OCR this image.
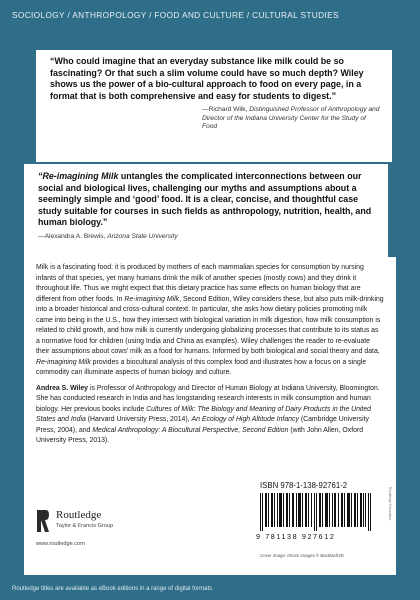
SOCIOLOGY / ANTHROPOLOGY / FOOD AND CULTURE / CULTURAL STUDIES

“Who could imagine that an everyday substance like milk could be so fascinating? Or that such a slim volume could have so much depth? Wiley shows us the power of a bio-cultural approach to food on every page, in a format that is both comprehensive and easy for students to digest.”

—Richard Wilk, Distinguished Professor of Anthropology and Director of the Indiana University Center for the Study of Food

“Re-imagining Milk untangles the complicated interconnections between our social and biological lives, challenging our myths and assumptions about a seemingly simple and ‘good’ food. It is a clear, concise, and thoughtful case study suitable for courses in such fields as anthropology, nutrition, health, and human biology.”

—Alexandra A. Brewis, Arizona State University

Milk is a fascinating food: it is produced by mothers of each mammalian species for consumption by nursing infants of that species, yet many humans drink the milk of another species (mostly cows) and they drink it throughout life. Thus we might expect that this dietary practice has some effects on human biology that are different from other foods. In Re-imagining Milk, Second Edition, Wiley considers these, but also puts milk-drinking into a broader historical and cross-cultural context. In particular, she asks how dietary policies promoting milk came into being in the U.S., how they intersect with biological variation in milk digestion, how milk consumption is related to child growth, and how milk is currently undergoing globalizing processes that contribute to its status as a normative food for children (using India and China as examples). Wiley challenges the reader to re-evaluate their assumptions about cows’ milk as a food for humans. Informed by both biological and social theory and data, Re-imagining Milk provides a biocultural analysis of this complex food and illustrates how a focus on a single commodity can illuminate aspects of human biology and culture.

Andrea S. Wiley is Professor of Anthropology and Director of Human Biology at Indiana University, Bloomington. She has conducted research in India and has longstanding research interests in milk consumption and human biology. Her previous books include Cultures of Milk: The Biology and Meaning of Dairy Products in the United States and India (Harvard University Press, 2014), An Ecology of High Altitude Infancy (Cambridge University Press, 2004), and Medical Anthropology: A Biocultural Perspective, Second Edition (with John Allen, Oxford University Press, 2013).

Routledge
Taylor & Francis Group
www.routledge.com
ISBN 978-1-138-92761-2
9 781138 927612
Cover image: iStock images © Backlash3D
Routledge Education
Routledge titles are available as eBook editions in a range of digital formats
